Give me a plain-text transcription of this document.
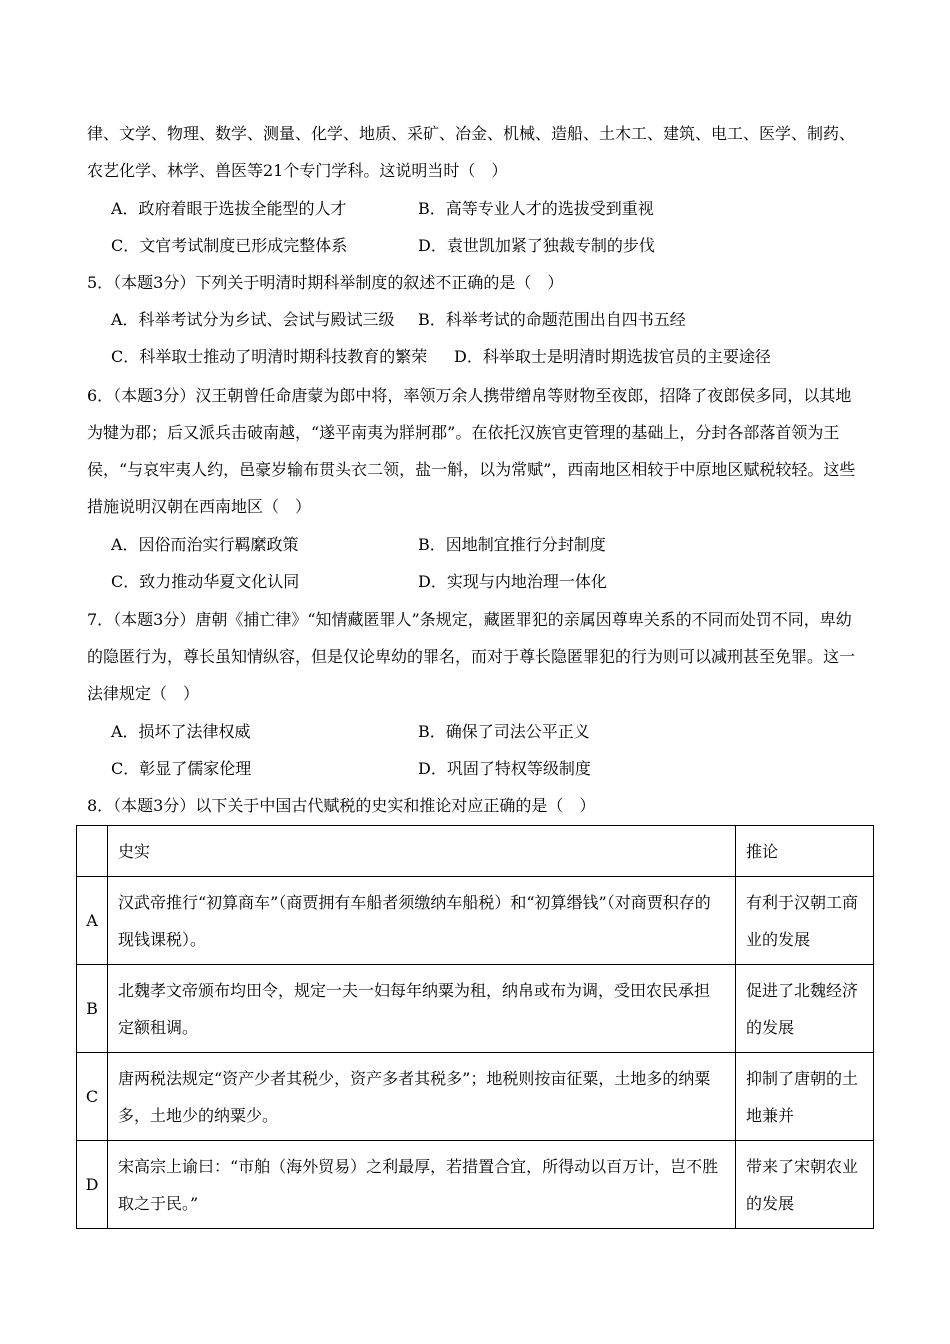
律、文学、物理、数学、测量、化学、地质、采矿、冶金、机械、造船、土木工、建筑、电工、医学、制药、农艺化学、林学、兽医等21个专门学科。这说明当时（　）

A．政府着眼于选拔全能型的人才	B．高等专业人才的选拔受到重视
C．文官考试制度已形成完整体系	D．袁世凯加紧了独裁专制的步伐
5．（本题3分）下列关于明清时期科举制度的叙述不正确的是（　）
A．科举考试分为乡试、会试与殿试三级 B．科举考试的命题范围出自四书五经
C．科举取士推动了明清时期科技教育的繁荣 D．科举取士是明清时期选拔官员的主要途径

6．（本题3分）汉王朝曾任命唐蒙为郎中将，率领万余人携带缯帛等财物至夜郎，招降了夜郎侯多同，以其地为犍为郡；后又派兵击破南越，“遂平南夷为牂牁郡”。在依托汉族官吏管理的基础上，分封各部落首领为王侯，“与哀牢夷人约，邑豪岁输布贯头衣二领，盐一斛，以为常赋”，西南地区相较于中原地区赋税较轻。这些措施说明汉朝在西南地区（　）

A．因俗而治实行羁縻政策	B．因地制宜推行分封制度
C．致力推动华夏文化认同	D．实现与内地治理一体化

7．（本题3分）唐朝《捕亡律》“知情藏匿罪人”条规定，藏匿罪犯的亲属因尊卑关系的不同而处罚不同，卑幼的隐匿行为，尊长虽知情纵容，但是仅论卑幼的罪名，而对于尊长隐匿罪犯的行为则可以减刑甚至免罪。这一法律规定（　）

A．损坏了法律权威	B．确保了司法公平正义
C．彰显了儒家伦理	D．巩固了特权等级制度
8．（本题3分）以下关于中国古代赋税的史实和推论对应正确的是（　）
	史实	推论
A	汉武帝推行“初算商车”（商贾拥有车船者须缴纳车船税）和“初算缗钱”（对商贾积存的现钱课税）。	有利于汉朝工商业的发展
B	北魏孝文帝颁布均田令，规定一夫一妇每年纳粟为租，纳帛或布为调，受田农民承担定额租调。	促进了北魏经济的发展
C	唐两税法规定“资产少者其税少，资产多者其税多”；地税则按亩征粟，土地多的纳粟多，土地少的纳粟少。	抑制了唐朝的土地兼并
D	宋高宗上谕曰：“市舶（海外贸易）之利最厚，若措置合宜，所得动以百万计，岂不胜取之于民。”	带来了宋朝农业的发展
